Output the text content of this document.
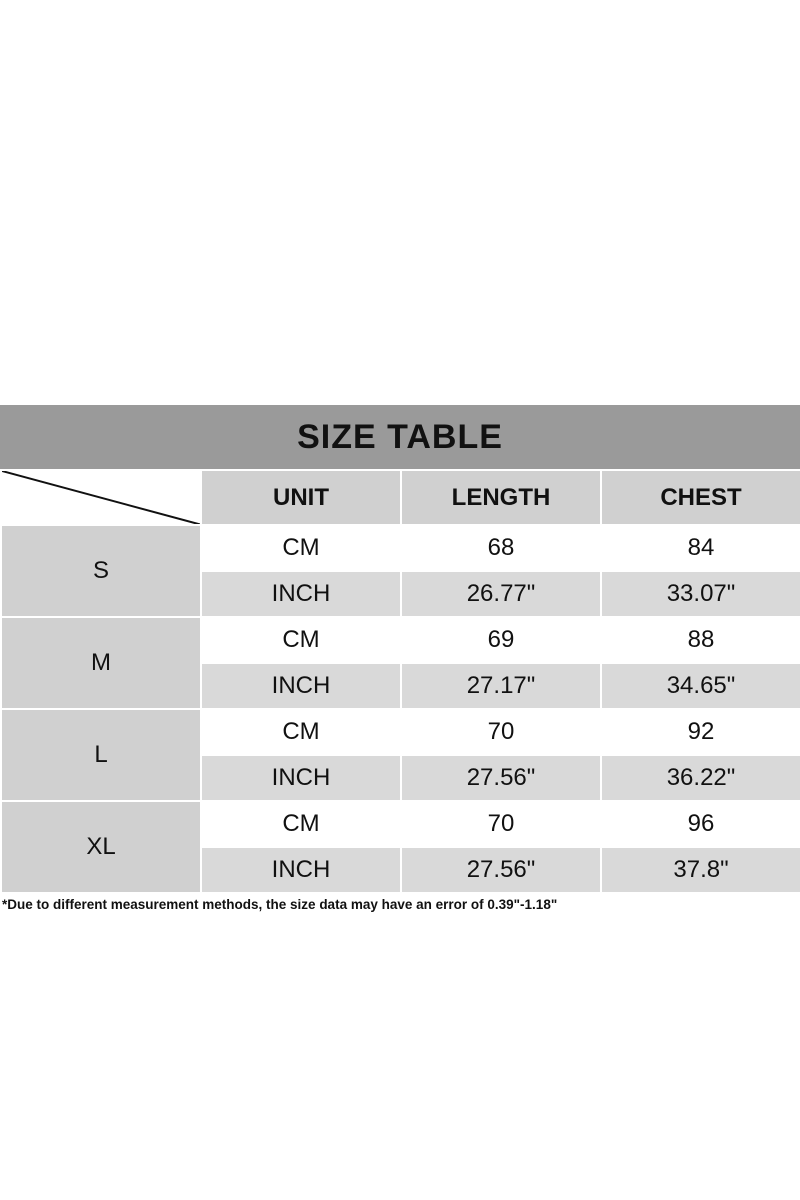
SIZE TABLE
	UNIT	LENGTH	CHEST
S	CM	68	84
	INCH	26.77"	33.07"
M	CM	69	88
	INCH	27.17"	34.65"
L	CM	70	92
	INCH	27.56"	36.22"
XL	CM	70	96
	INCH	27.56"	37.8"
*Due to different measurement methods, the size data may have an error of 0.39"-1.18"
